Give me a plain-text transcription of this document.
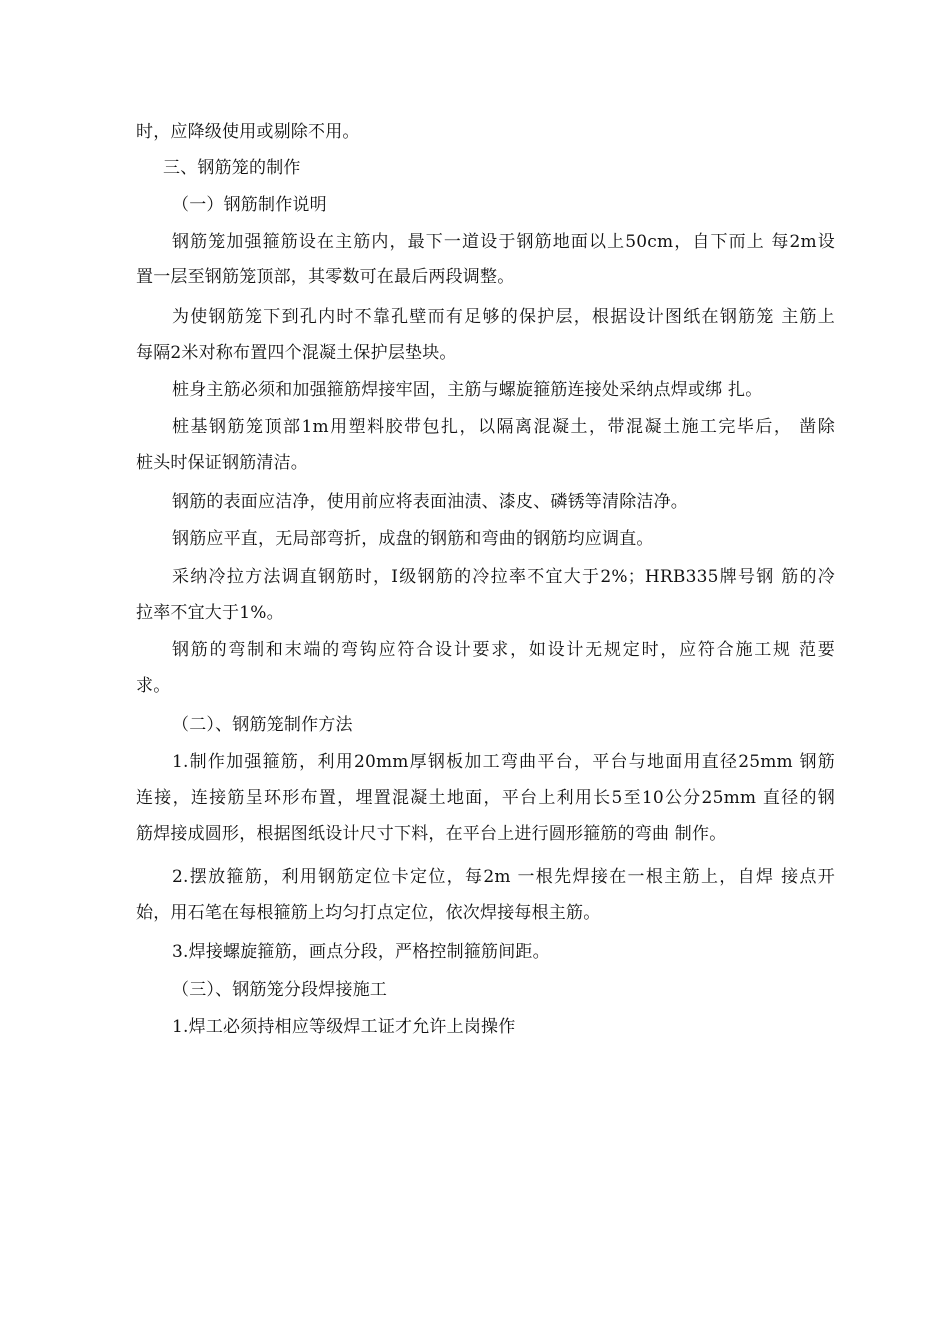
时，应降级使用或剔除不用。
三、钢筋笼的制作
（一）钢筋制作说明
钢筋笼加强箍筋设在主筋内，最下一道设于钢筋地面以上50cm，自下而上 每2m设
置一层至钢筋笼顶部，其零数可在最后两段调整。
为使钢筋笼下到孔内时不靠孔壁而有足够的保护层，根据设计图纸在钢筋笼 主筋上
每隔2米对称布置四个混凝土保护层垫块。
桩身主筋必须和加强箍筋焊接牢固，主筋与螺旋箍筋连接处采纳点焊或绑 扎。
桩基钢筋笼顶部1m用塑料胶带包扎，以隔离混凝土，带混凝土施工完毕后， 凿除
桩头时保证钢筋清洁。
钢筋的表面应洁净，使用前应将表面油渍、漆皮、磷锈等清除洁净。
钢筋应平直，无局部弯折，成盘的钢筋和弯曲的钢筋均应调直。
采纳冷拉方法调直钢筋时，I级钢筋的冷拉率不宜大于2%；HRB335牌号钢 筋的冷
拉率不宜大于1%。
钢筋的弯制和末端的弯钩应符合设计要求，如设计无规定时，应符合施工规 范要
求。
（二）、钢筋笼制作方法
1.制作加强箍筋，利用20mm厚钢板加工弯曲平台，平台与地面用直径25mm 钢筋
连接，连接筋呈环形布置，埋置混凝土地面，平台上利用长5至10公分25mm 直径的钢
筋焊接成圆形，根据图纸设计尺寸下料，在平台上进行圆形箍筋的弯曲 制作。
2.摆放箍筋，利用钢筋定位卡定位，每2m 一根先焊接在一根主筋上，自焊 接点开
始，用石笔在每根箍筋上均匀打点定位，依次焊接每根主筋。
3.焊接螺旋箍筋，画点分段，严格控制箍筋间距。
（三）、钢筋笼分段焊接施工
1.焊工必须持相应等级焊工证才允许上岗操作
